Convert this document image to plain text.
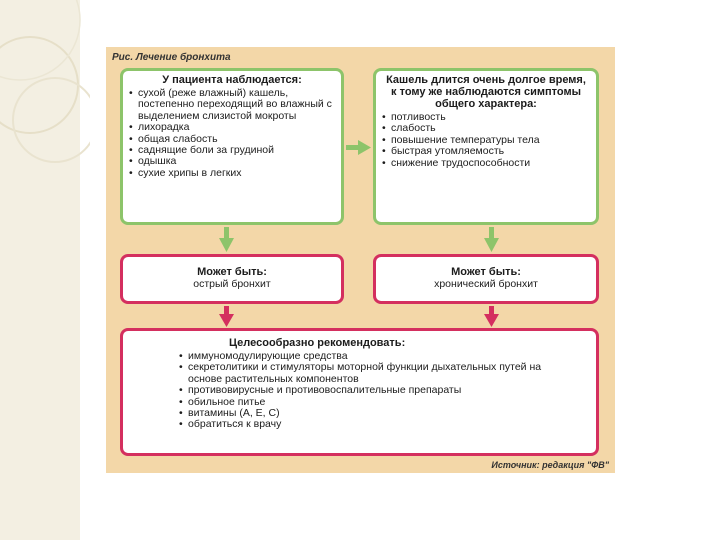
Рис. Лечение бронхита
У пациента наблюдается:
• сухой (реже влажный) кашель, постепенно переходящий во влажный с выделением слизистой мокроты
• лихорадка
• общая слабость
• саднящие боли за грудиной
• одышка
• сухие хрипы в легких
Кашель длится очень долгое время, к тому же наблюдаются симптомы общего характера:
• потливость
• слабость
• повышение температуры тела
• быстрая утомляемость
• снижение трудоспособности
Может быть:
острый бронхит
Может быть:
хронический бронхит
Целесообразно рекомендовать:
• иммуномодулирующие средства
• секретолитики и стимуляторы моторной функции дыхательных путей на основе растительных компонентов
• противовирусные и противовоспалительные препараты
• обильное питье
• витамины (А, Е, С)
• обратиться к врачу
Источник: редакция "ФВ"
